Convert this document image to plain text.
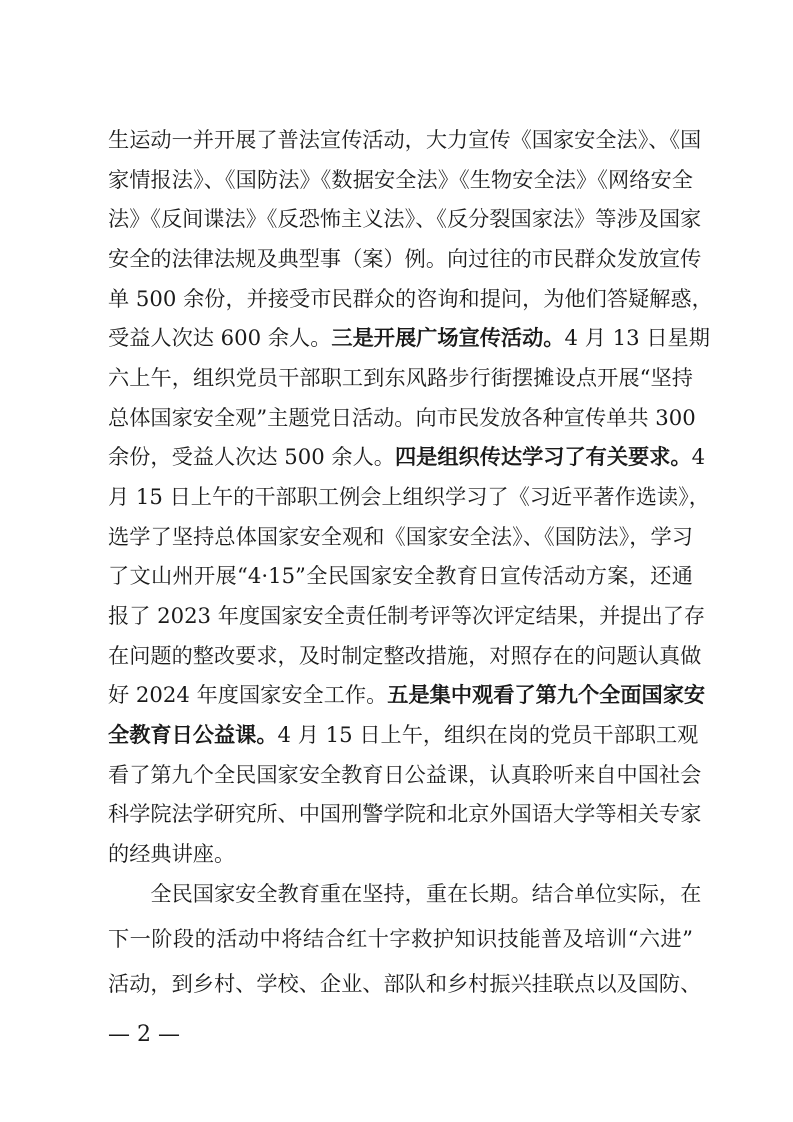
生运动一并开展了普法宣传活动，大力宣传《国家安全法》、《国
家情报法》、《国防法》《数据安全法》《生物安全法》《网络安全
法》《反间谍法》《反恐怖主义法》、《反分裂国家法》等涉及国家
安全的法律法规及典型事（案）例。向过往的市民群众发放宣传
单 500 余份，并接受市民群众的咨询和提问，为他们答疑解惑，
受益人次达 600 余人。三是开展广场宣传活动。4 月 13 日星期
六上午，组织党员干部职工到东风路步行街摆摊设点开展“坚持
总体国家安全观”主题党日活动。向市民发放各种宣传单共 300
余份，受益人次达 500 余人。四是组织传达学习了有关要求。4
月 15 日上午的干部职工例会上组织学习了《习近平著作选读》，
选学了坚持总体国家安全观和《国家安全法》、《国防法》，学习
了文山州开展“4·15”全民国家安全教育日宣传活动方案，还通
报了 2023 年度国家安全责任制考评等次评定结果，并提出了存
在问题的整改要求，及时制定整改措施，对照存在的问题认真做
好 2024 年度国家安全工作。五是集中观看了第九个全面国家安
全教育日公益课。4 月 15 日上午，组织在岗的党员干部职工观
看了第九个全民国家安全教育日公益课，认真聆听来自中国社会
科学院法学研究所、中国刑警学院和北京外国语大学等相关专家
的经典讲座。
　　全民国家安全教育重在坚持，重在长期。结合单位实际，在
下一阶段的活动中将结合红十字救护知识技能普及培训“六进”
活动，到乡村、学校、企业、部队和乡村振兴挂联点以及国防、
— 2 —
